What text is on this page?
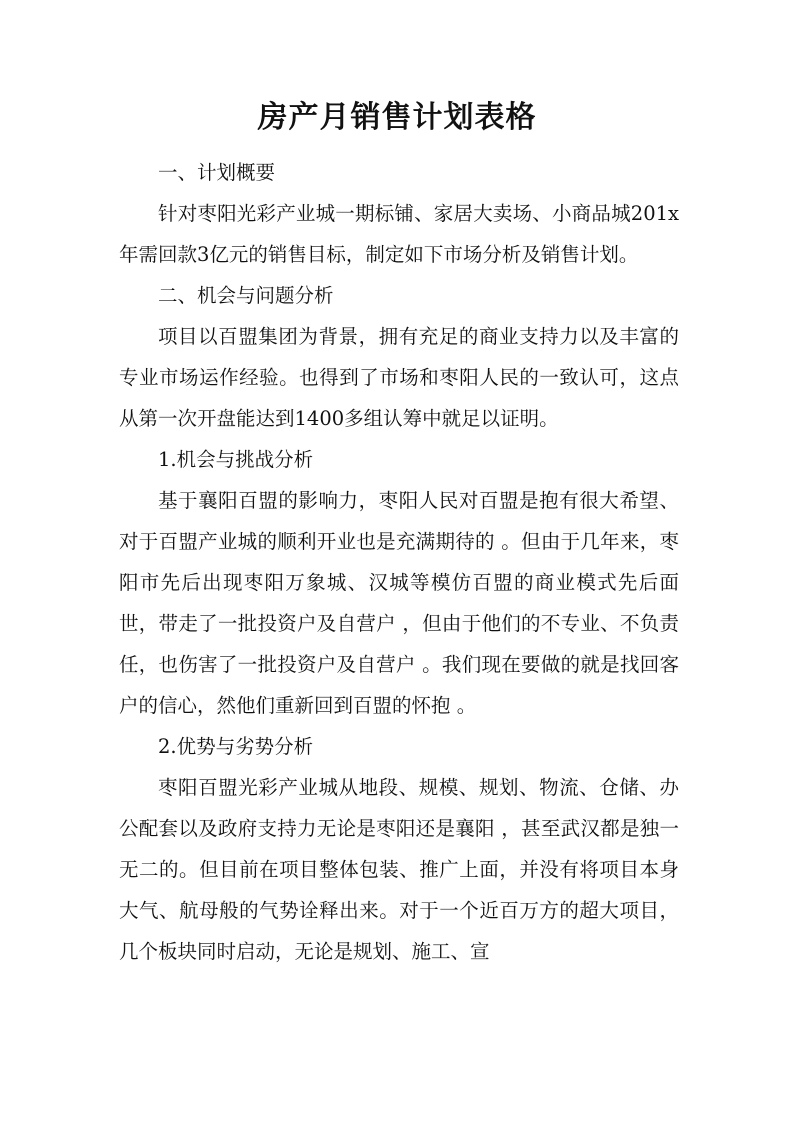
房产月销售计划表格

一、计划概要

针对枣阳光彩产业城一期标铺、家居大卖场、小商品城201x年需回款3亿元的销售目标，制定如下市场分析及销售计划。

二、机会与问题分析

项目以百盟集团为背景，拥有充足的商业支持力以及丰富的专业市场运作经验。也得到了市场和枣阳人民的一致认可，这点从第一次开盘能达到1400多组认筹中就足以证明。

1.机会与挑战分析

基于襄阳百盟的影响力，枣阳人民对百盟是抱有很大希望、对于百盟产业城的顺利开业也是充满期待的 。但由于几年来，枣阳市先后出现枣阳万象城、汉城等模仿百盟的商业模式先后面世，带走了一批投资户及自营户 ，但由于他们的不专业、不负责任，也伤害了一批投资户及自营户 。我们现在要做的就是找回客户的信心，然他们重新回到百盟的怀抱 。

2.优势与劣势分析

枣阳百盟光彩产业城从地段、规模、规划、物流、仓储、办公配套以及政府支持力无论是枣阳还是襄阳 ，甚至武汉都是独一无二的。但目前在项目整体包装、推广上面，并没有将项目本身大气、航母般的气势诠释出来。对于一个近百万方的超大项目，几个板块同时启动，无论是规划、施工、宣
